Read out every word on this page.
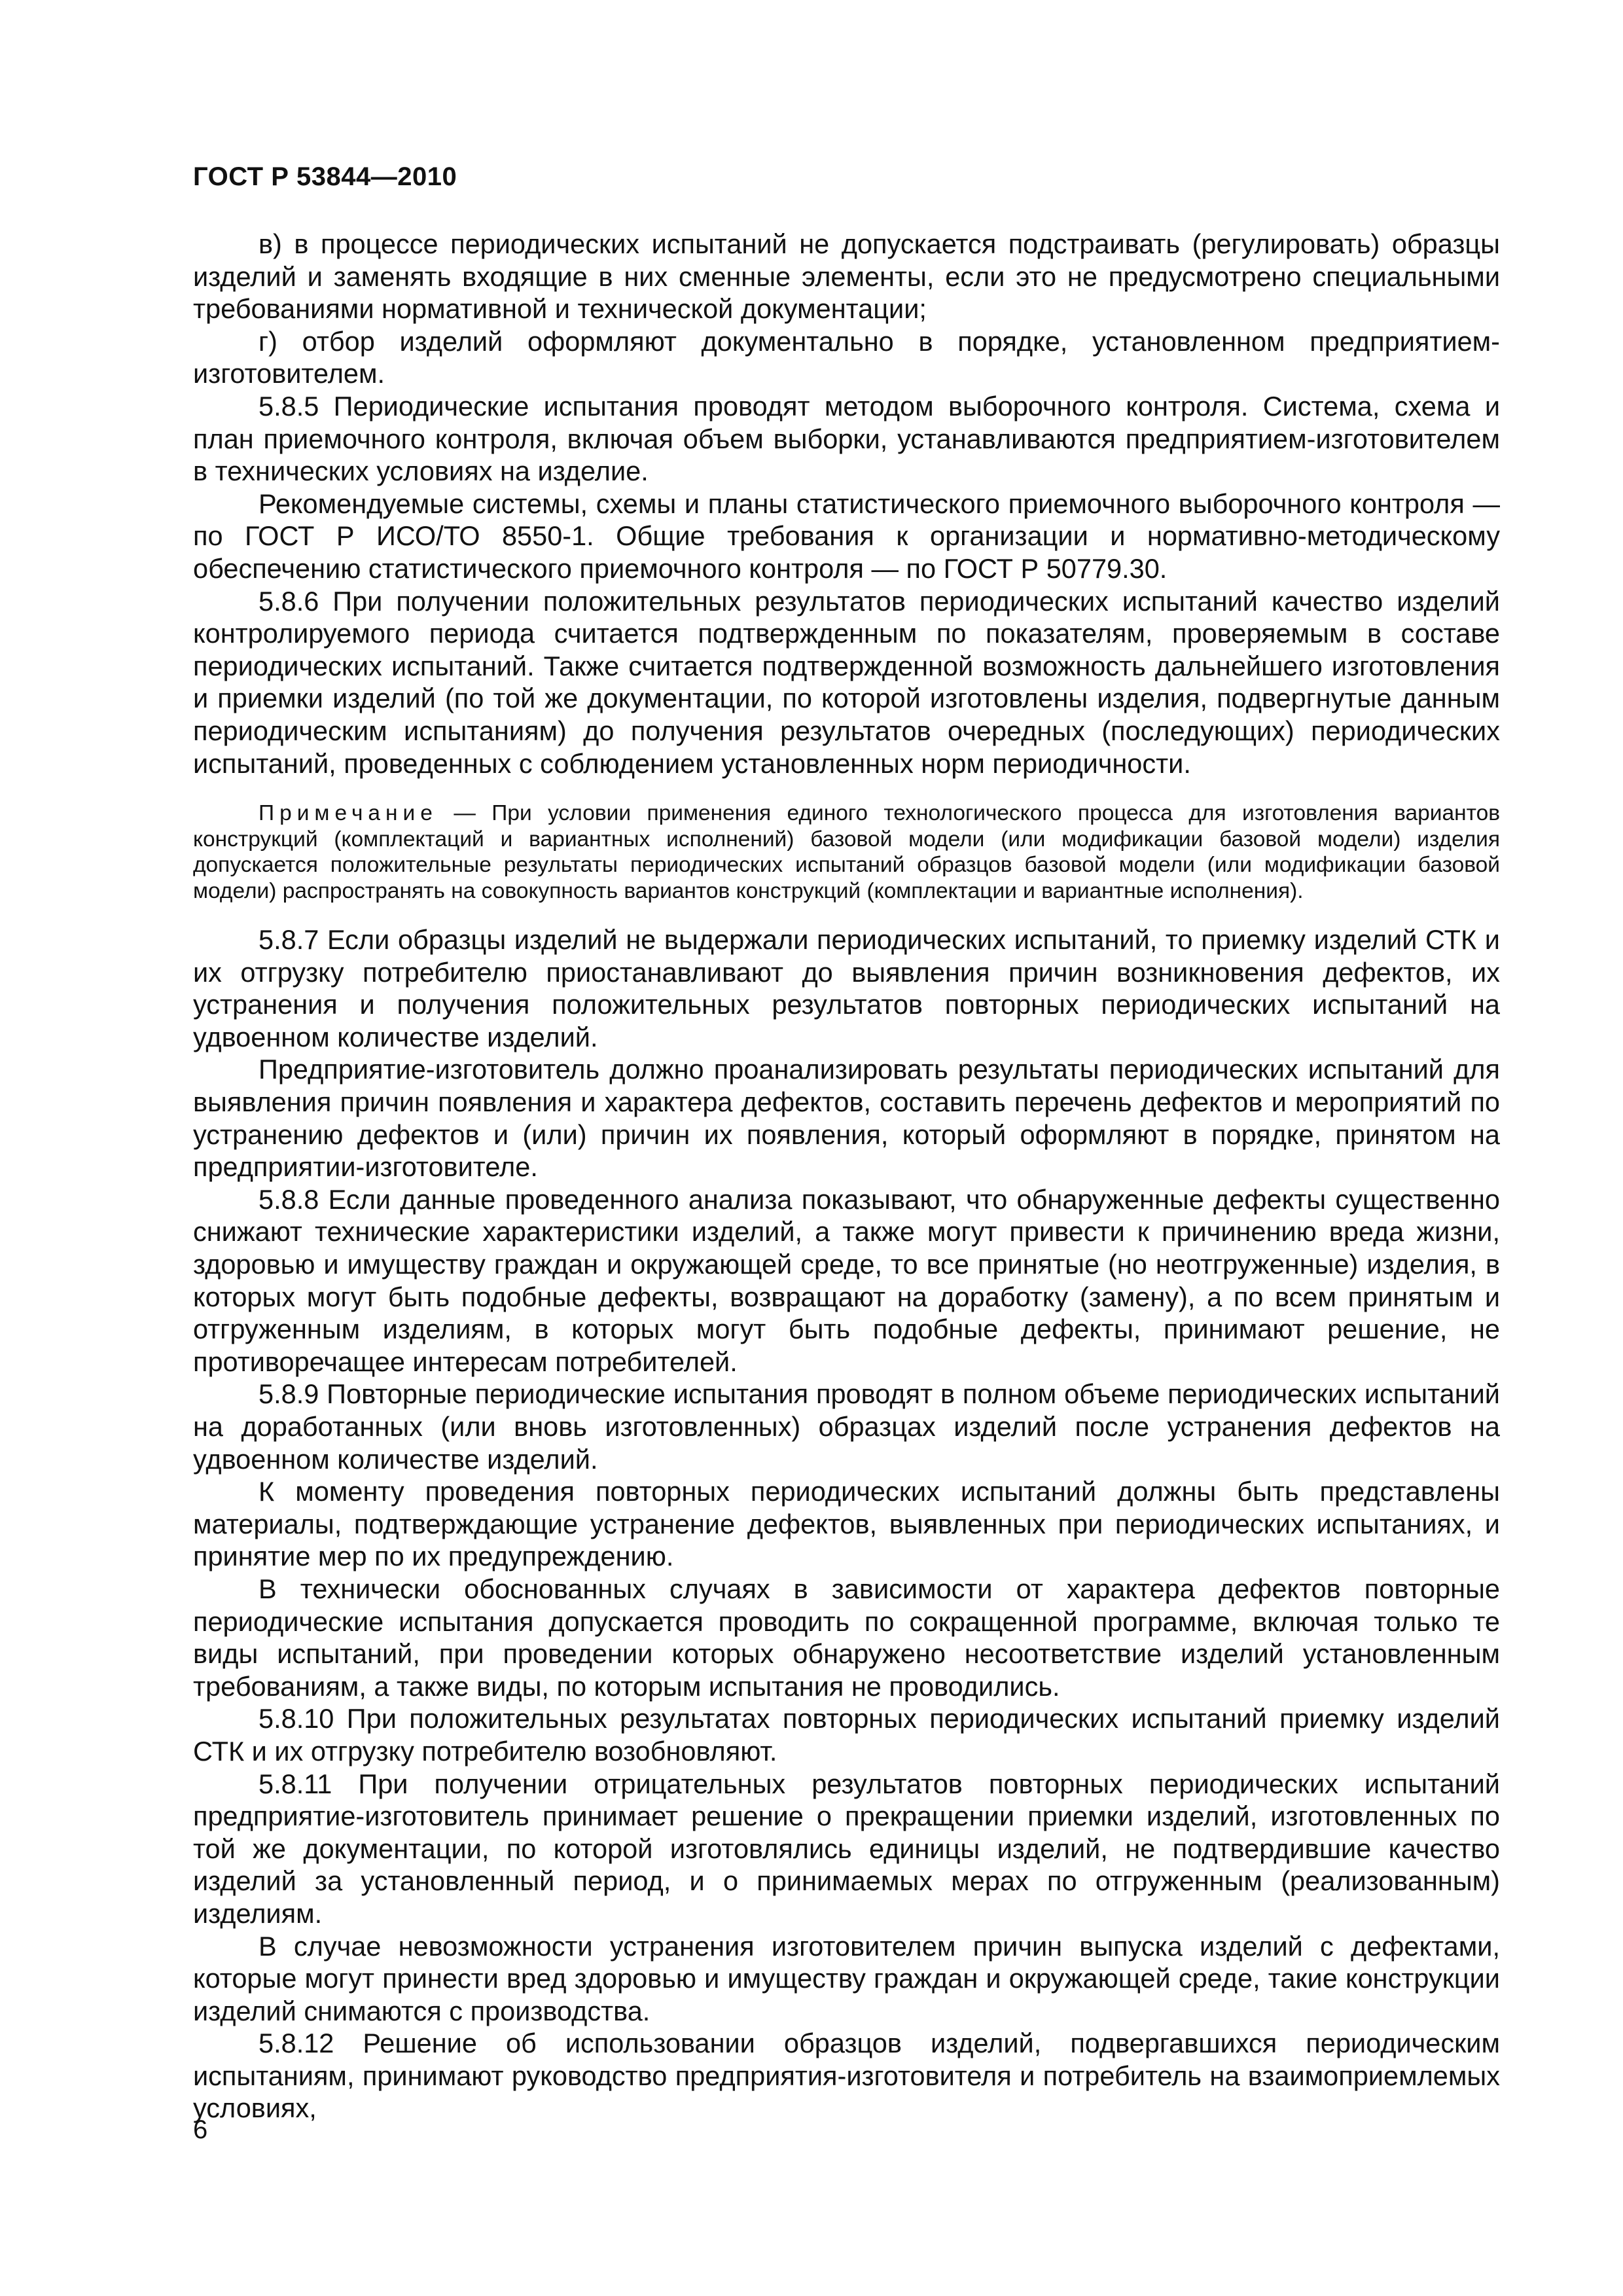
ГОСТ Р 53844—2010

в) в процессе периодических испытаний не допускается подстраивать (регулировать) образцы изделий и заменять входящие в них сменные элементы, если это не предусмотрено специальными требованиями нормативной и технической документации;

г) отбор изделий оформляют документально в порядке, установленном предприятием-изготовителем.

5.8.5 Периодические испытания проводят методом выборочного контроля. Система, схема и план приемочного контроля, включая объем выборки, устанавливаются предприятием-изготовителем в технических условиях на изделие.

Рекомендуемые системы, схемы и планы статистического приемочного выборочного контроля — по ГОСТ Р ИСО/ТО 8550-1. Общие требования к организации и нормативно-методическому обеспечению статистического приемочного контроля — по ГОСТ Р 50779.30.

5.8.6 При получении положительных результатов периодических испытаний качество изделий контролируемого периода считается подтвержденным по показателям, проверяемым в составе периодических испытаний. Также считается подтвержденной возможность дальнейшего изготовления и приемки изделий (по той же документации, по которой изготовлены изделия, подвергнутые данным периодическим испытаниям) до получения результатов очередных (последующих) периодических испытаний, проведенных с соблюдением установленных норм периодичности.

Примечание — При условии применения единого технологического процесса для изготовления вариантов конструкций (комплектаций и вариантных исполнений) базовой модели (или модификации базовой модели) изделия допускается положительные результаты периодических испытаний образцов базовой модели (или модификации базовой модели) распространять на совокупность вариантов конструкций (комплектации и вариантные исполнения).

5.8.7 Если образцы изделий не выдержали периодических испытаний, то приемку изделий СТК и их отгрузку потребителю приостанавливают до выявления причин возникновения дефектов, их устранения и получения положительных результатов повторных периодических испытаний на удвоенном количестве изделий.

Предприятие-изготовитель должно проанализировать результаты периодических испытаний для выявления причин появления и характера дефектов, составить перечень дефектов и мероприятий по устранению дефектов и (или) причин их появления, который оформляют в порядке, принятом на предприятии-изготовителе.

5.8.8 Если данные проведенного анализа показывают, что обнаруженные дефекты существенно снижают технические характеристики изделий, а также могут привести к причинению вреда жизни, здоровью и имуществу граждан и окружающей среде, то все принятые (но неотгруженные) изделия, в которых могут быть подобные дефекты, возвращают на доработку (замену), а по всем принятым и отгруженным изделиям, в которых могут быть подобные дефекты, принимают решение, не противоречащее интересам потребителей.

5.8.9 Повторные периодические испытания проводят в полном объеме периодических испытаний на доработанных (или вновь изготовленных) образцах изделий после устранения дефектов на удвоенном количестве изделий.

К моменту проведения повторных периодических испытаний должны быть представлены материалы, подтверждающие устранение дефектов, выявленных при периодических испытаниях, и принятие мер по их предупреждению.

В технически обоснованных случаях в зависимости от характера дефектов повторные периодические испытания допускается проводить по сокращенной программе, включая только те виды испытаний, при проведении которых обнаружено несоответствие изделий установленным требованиям, а также виды, по которым испытания не проводились.

5.8.10 При положительных результатах повторных периодических испытаний приемку изделий СТК и их отгрузку потребителю возобновляют.

5.8.11 При получении отрицательных результатов повторных периодических испытаний предприятие-изготовитель принимает решение о прекращении приемки изделий, изготовленных по той же документации, по которой изготовлялись единицы изделий, не подтвердившие качество изделий за установленный период, и о принимаемых мерах по отгруженным (реализованным) изделиям.

В случае невозможности устранения изготовителем причин выпуска изделий с дефектами, которые могут принести вред здоровью и имуществу граждан и окружающей среде, такие конструкции изделий снимаются с производства.

5.8.12 Решение об использовании образцов изделий, подвергавшихся периодическим испытаниям, принимают руководство предприятия-изготовителя и потребитель на взаимоприемлемых условиях,

6
